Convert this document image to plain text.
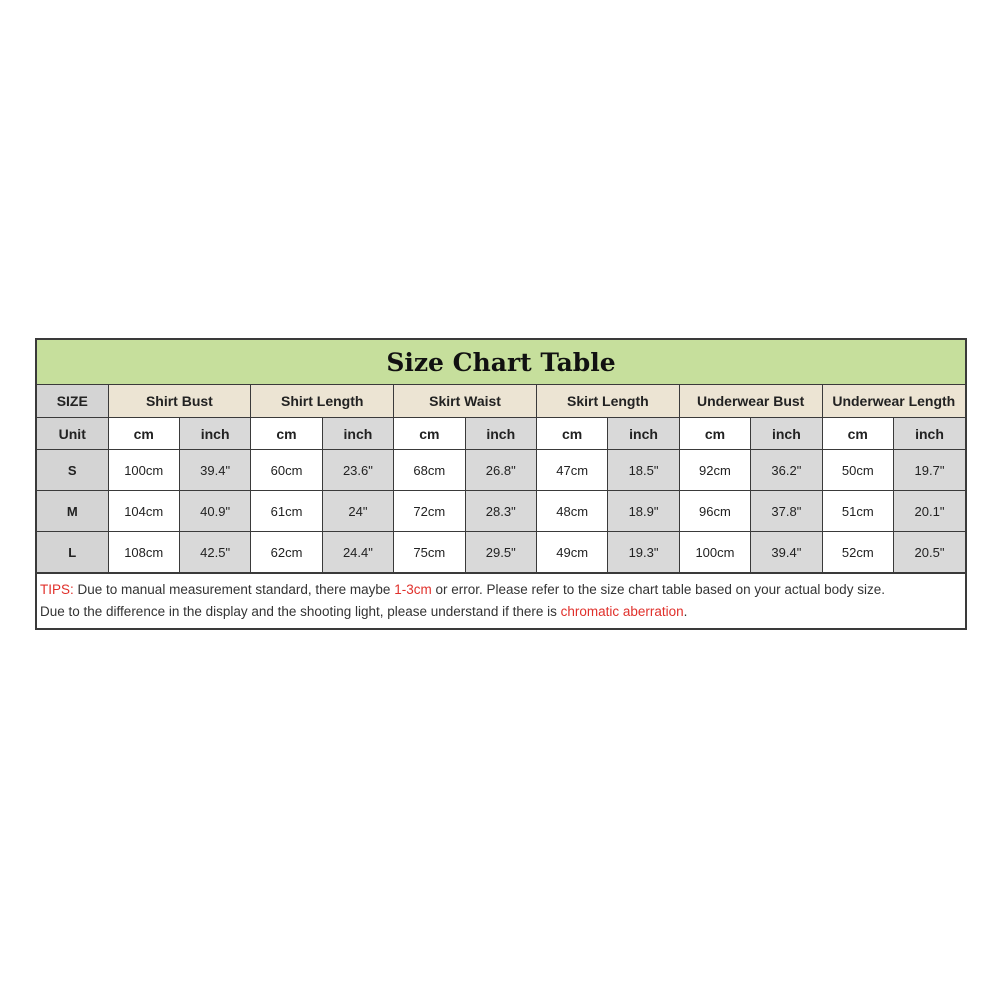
Size Chart Table
SIZE	Shirt Bust		Shirt Length		Skirt Waist		Skirt Length		Underwear Bust		Underwear Length	
Unit	cm	inch	cm	inch	cm	inch	cm	inch	cm	inch	cm	inch
S	100cm	39.4"	60cm	23.6"	68cm	26.8"	47cm	18.5"	92cm	36.2"	50cm	19.7"
M	104cm	40.9"	61cm	24"	72cm	28.3"	48cm	18.9"	96cm	37.8"	51cm	20.1"
L	108cm	42.5"	62cm	24.4"	75cm	29.5"	49cm	19.3"	100cm	39.4"	52cm	20.5"
TIPS: Due to manual measurement standard, there maybe 1-3cm or error. Please refer to the size chart table based on your actual body size.
Due to the difference in the display and the shooting light, please understand if there is chromatic aberration.
